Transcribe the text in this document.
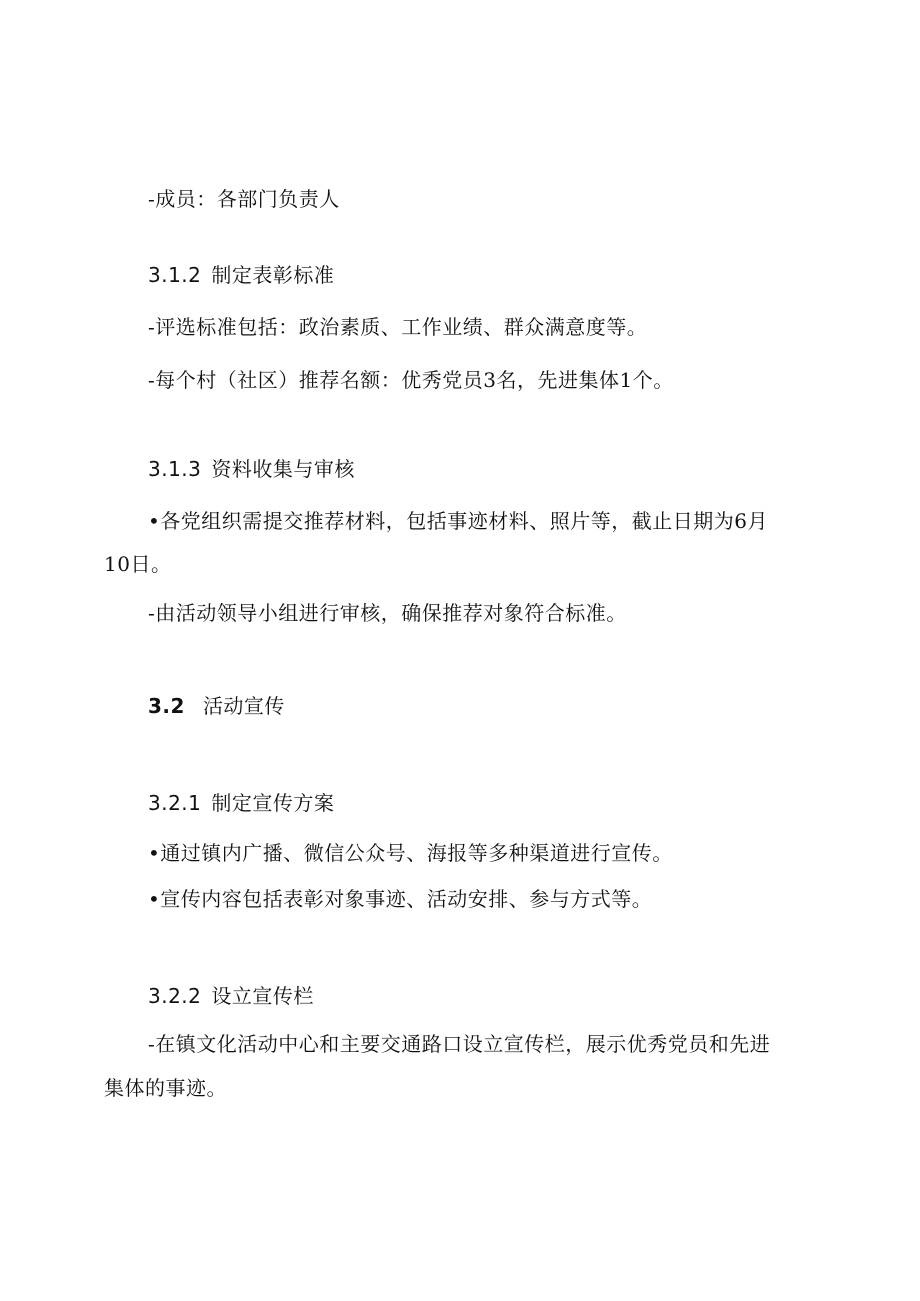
-成员：各部门负责人
3.1.2 制定表彰标准
-评选标准包括：政治素质、工作业绩、群众满意度等。
-每个村（社区）推荐名额：优秀党员3名，先进集体1个。
3.1.3 资料收集与审核
•各党组织需提交推荐材料，包括事迹材料、照片等，截止日期为6月
10日。
-由活动领导小组进行审核，确保推荐对象符合标准。
3.2 活动宣传
3.2.1 制定宣传方案
•通过镇内广播、微信公众号、海报等多种渠道进行宣传。
•宣传内容包括表彰对象事迹、活动安排、参与方式等。
3.2.2 设立宣传栏
-在镇文化活动中心和主要交通路口设立宣传栏，展示优秀党员和先进
集体的事迹。
